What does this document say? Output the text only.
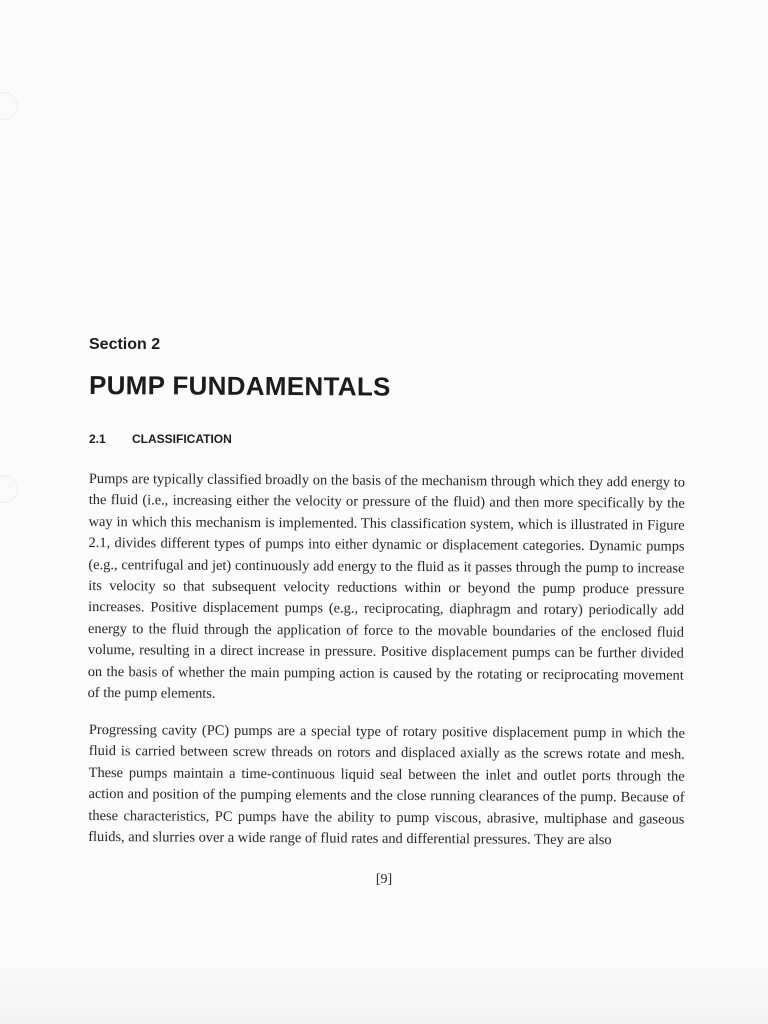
Section 2
PUMP FUNDAMENTALS
2.1 CLASSIFICATION

Pumps are typically classified broadly on the basis of the mechanism through which they add energy to the fluid (i.e., increasing either the velocity or pressure of the fluid) and then more specifically by the way in which this mechanism is implemented. This classification system, which is illustrated in Figure 2.1, divides different types of pumps into either dynamic or displacement categories. Dynamic pumps (e.g., centrifugal and jet) continuously add energy to the fluid as it passes through the pump to increase its velocity so that subsequent velocity reductions within or beyond the pump produce pressure increases. Positive displacement pumps (e.g., reciprocating, diaphragm and rotary) periodically add energy to the fluid through the application of force to the movable boundaries of the enclosed fluid volume, resulting in a direct increase in pressure. Positive displacement pumps can be further divided on the basis of whether the main pumping action is caused by the rotating or reciprocating movement of the pump elements.

Progressing cavity (PC) pumps are a special type of rotary positive displacement pump in which the fluid is carried between screw threads on rotors and displaced axially as the screws rotate and mesh. These pumps maintain a time-continuous liquid seal between the inlet and outlet ports through the action and position of the pumping elements and the close running clearances of the pump. Because of these characteristics, PC pumps have the ability to pump viscous, abrasive, multiphase and gaseous fluids, and slurries over a wide range of fluid rates and differential pressures. They are also

[9]
